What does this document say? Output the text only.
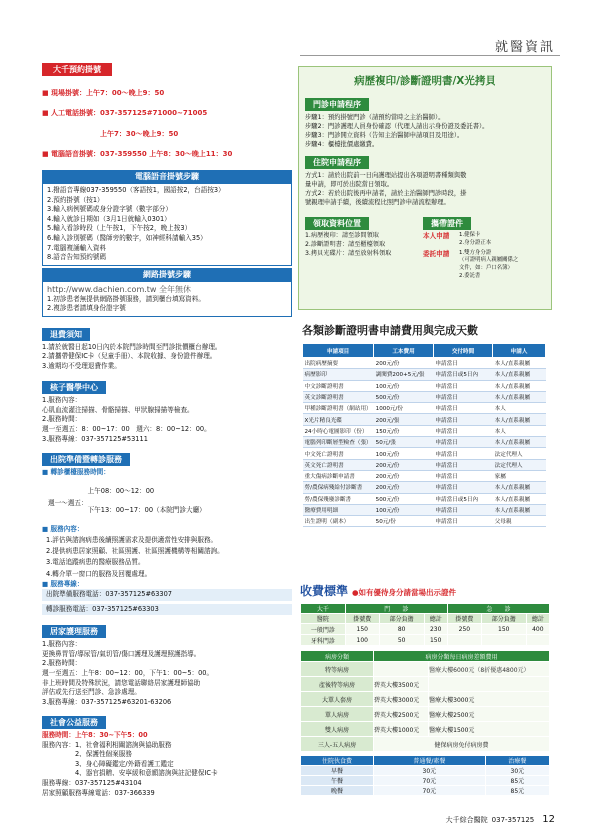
就醫資訊
大千預約掛號

■ 現場掛號：上午7：00～晚上9：50

■ 人工電話掛號：037-357125#71000~71005

上午7：30～晚上9：50

■ 電腦語音掛號：037-359550 上午8：30～晚上11：30

電腦語音掛號步驟
1.撥語音專線037-359550（客語按1，國語按2，台語按3）
2.預約掛號（按1）
3.輸入病例號碼或身分證字號（數字部分）
4.輸入就診日期如（3月1日就輸入0301）
5.輸入看診時段（上午按1，下午按2，晚上按3）
6.輸入診別號碼（醫師旁的數字，如神經科請輸入35）
7.電腦複誦輸入資料
8.語音告知預約號碼
網路掛號步驟
http://www.dachien.com.tw 全年無休
1.初診患者無提供網路掛號服務，請到櫃台填寫資料。
2.複診患者請填身份證字號
退費須知
1.請於就醫日起10日內於本院門診時間至門診批價櫃台辦理。
2.請攜帶健保IC卡（兒童手冊）、本院收據、身份證件辦理。
3.逾期均不受理退費作業。
核子醫學中心
1.服務內容：
心肌血流灌注掃描、骨骼掃描、甲狀腺掃描等檢查。
2.服務時間：
週一至週五：8：00~17：00　週六：8：00~12：00。
3.服務專線：037-357125#53111
出院準備暨轉診服務
■ 轉診櫃檯服務時間：
週一～週五：

上午08：00～12：00

下午13：00~17：00（本院門診大廳）

■ 服務內容：
1.評估與諮詢病患後續照護需求及提供適當性安排與服務。
2.提供病患居家照顧、社區照護、社區照護機構等相關諮詢。
3.電話追蹤病患的醫療服務品質。
4.轉介單一窗口的服務及回覆處理。
■ 服務專線：
出院準備服務電話：037-357125#63307
轉診服務電話：037-357125#63303
居家護理服務
1.服務內容：
更換鼻胃管/導尿管/氣切管/傷口護理及護理照護指導。
2.服務時間：
週一至週五：上午8：00~12：00，下午1：00~5：00。
非上班時間及特殊狀況，請您電話聯絡居家護理師協助
評估或先行送至門診、急診處理。
3.服務專線：037-357125#63201-63206
社會公益服務
服務時間：上午8：30~下午5：00
服務內容： 1、社會福利相關諮詢與協助服務
2、保護性個案服務
3、身心障礙鑑定/外籍看護工鑑定
4、器官捐贈、安寧緩和意願諮詢與註記健保IC卡
服務專線：037-357125#43104
居家照顧服務專線電話：037-366339
病歷複印/診斷證明書/X光拷貝
門診申請程序
步驟1：預約掛號門診（請預約當時之主治醫師）。
步驟2：門診護理人員身份確認（代理人請出示身份證及委託書）。
步驟3：門診開立資料（告知主治醫師申請項目及用途）。
步驟4：櫃檯批價處繳費。
住院申請程序
方式1：請於出院前一日向護理站提出各項證明書種類與數
量申請，即可於出院當日領取。
方式2：若於出院後再申請者，請於主治醫師門診時段，掛
號親理申請手續，後續流程比照門診申請流程辦理。
領取資料位置
1.病歷複印：請至診間領取
2.診斷證明書：請至櫃檯領取
3.拷貝光碟片：請至放射科領取
攜帶證件
本人申請	1.健保卡
2.身分證正本
委託申請	1.雙方身分證
（可證明病人親屬關係之
文件，如：戶口名簿）
2.委託書
各類診斷證明書申請費用與完成天數
申請項目	工本費用	交付時間	申請人
出院病歷摘要	200元/份	申請當日	本人/直系親屬
病歷影印	調閱費200+5元/張	申請當日或5日內	本人/直系親屬
中文診斷證明書	100元/份	申請當日	本人/直系親屬
英文診斷證明書	500元/份	申請當日	本人/直系親屬
甲種診斷證明書（網站用）	1000元/份	申請當日	本人
X光片精良光碟	200元/張	申請當日	本人/直系親屬
24小時心電圖影印（份）	150元/份	申請當日	本人
電腦列印斷層型檢查（張）	50元/張	申請當日	本人/直系親屬
中文死亡證明書	100元/份	申請當日	法定代理人
英文死亡證明書	200元/份	申請當日	法定代理人
重大傷病診斷申請書	200元/份	申請當日	家屬
勞/農保病殘給付診斷書	200元/份	申請當日	本人/直系親屬
勞/農保殘廢診斷書	500元/份	申請當日或5日內	本人/直系親屬
醫療費用明細	100元/份	申請當日	本人/直系親屬
出生證明（副本）	50元/份	申請當日	父母親
收費標準 ●如有優待身分請當場出示證件
大千	門　　 診			急　　 診		
醫院	掛號費	部分負擔	總計	掛號費	部分負擔	總計
一般門診	150	80	230	250	150	400
牙科門診	100	50	150			
病房分類	病房分類每日病房差額費用	
特等病房		醫療大樓6000元（8折優惠4800元）
產後特等病房	碧英大樓3500元	
大單人套房	碧英大樓3000元	醫療大樓3000元
單人病房	碧英大樓2500元	醫療大樓2500元
雙人病房	碧英大樓1000元	醫療大樓1500元
三人-五人病房	健保病房免付病房費	
住院伙食費	普通餐/素餐	治療餐
早餐	30元	30元
午餐	70元	85元
晚餐	70元	85元
大千綜合醫院 037-357125 12
